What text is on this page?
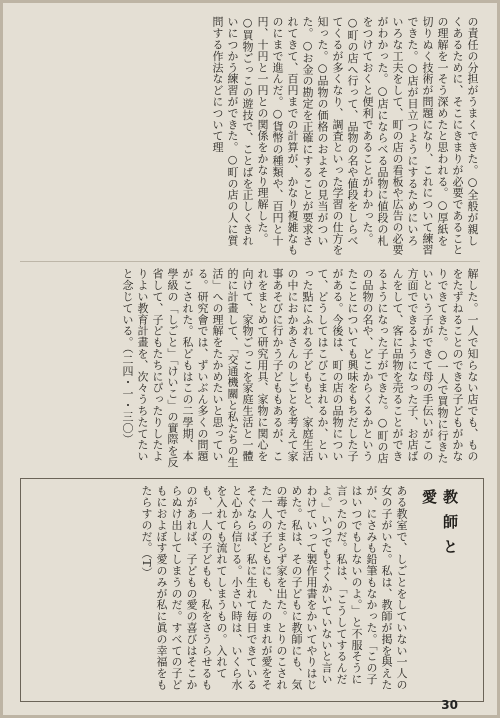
の責任の分担がうまくできた。○全般が親しくあるために、そこにきまりが必要であることの理解を一そう深めたと思われる。○厚紙を切りぬく技術が問題になり、これについて練習できた。○店が目立つようにするためにいろいろな工夫をして、町の店の看板や広告の必要がわかった。○店にならべる品物に値段の札をつけておくと便利であることがわかった。○町の店へ行って、品物の名や値段をしらべてくるが多くなり、調査といった学習の仕方を知った。○品物の価格のおよその見当がついた。○お金の勘定を正確にすることが要求されてきて、百円までの計算が、かなり複雑なものにまで進んだ。○貨幣の種類や、百円と十円、十円と一円との関係をかなり理解した。○買物ごっこの遊技で、ことばを正しくきれいにつかう練習ができた。○町の店の人に質問する作法などについて理

解した。一人で知らない店でも、ものをたずねることのできる子どもがかなりできてきた。○一人で買物に行きたいという子ができて母の手伝いがこの方面でできるようになった子、お店ばんをして、客に品物を売ることができるようになった子ができた。○町の店の品物の名や、どこからくるかというたことについても興味をもちだした子がある。今後は、町の店の品物について、どうしてはこびこまれるか、といった點にふれる子どももと、家庭生活の中におかあさんのしごとを考えて家事あそびに行かう子どももあるが、これをまとめて研究用具、家物に関心を向けて、家物ごっこを家庭生活と一體的に計畫して、「交通機關と私たちの生活」への理解をたかめたいと思っている。研究會では、ずいぶん多くの問題がこされた。私どもはこの二學期、本學級の「しごと」「けいこ」の實際を反省して、子どもたちにぴったりしたよりよい教育計畫を、次々うちたてたいと念じている。（二四・一・三〇）

教師と愛

ある教室で、しごとをしていない一人の女の子がいた。私は、教師が掲を與えたが、にさみも鉛筆もなかった。「この子はいつでもしないのよ。」と不服そうに言ったのだ。私は、「こうしてするんだよ。」いつでもよくかいていないと言いわけていって製作用書をかいてやりはじめた。私は、その子どもに教師にも、気の毒でたまらず家を出た。とりのこされた一人の子どもにも、たのまれが愛をそそぐならば、私に生れて毎日できていると心から信じる。小さい時は、いくら水を入れても流れてしまうもの。入れても、一人の子どもも、私をさうらせるものがあれば、子どもの愛の喜びはそこからぬけ出してしまうのだ。すべての子どもにおよぼす愛のみが私に眞の幸福をもたらすのだ。（T）

30
